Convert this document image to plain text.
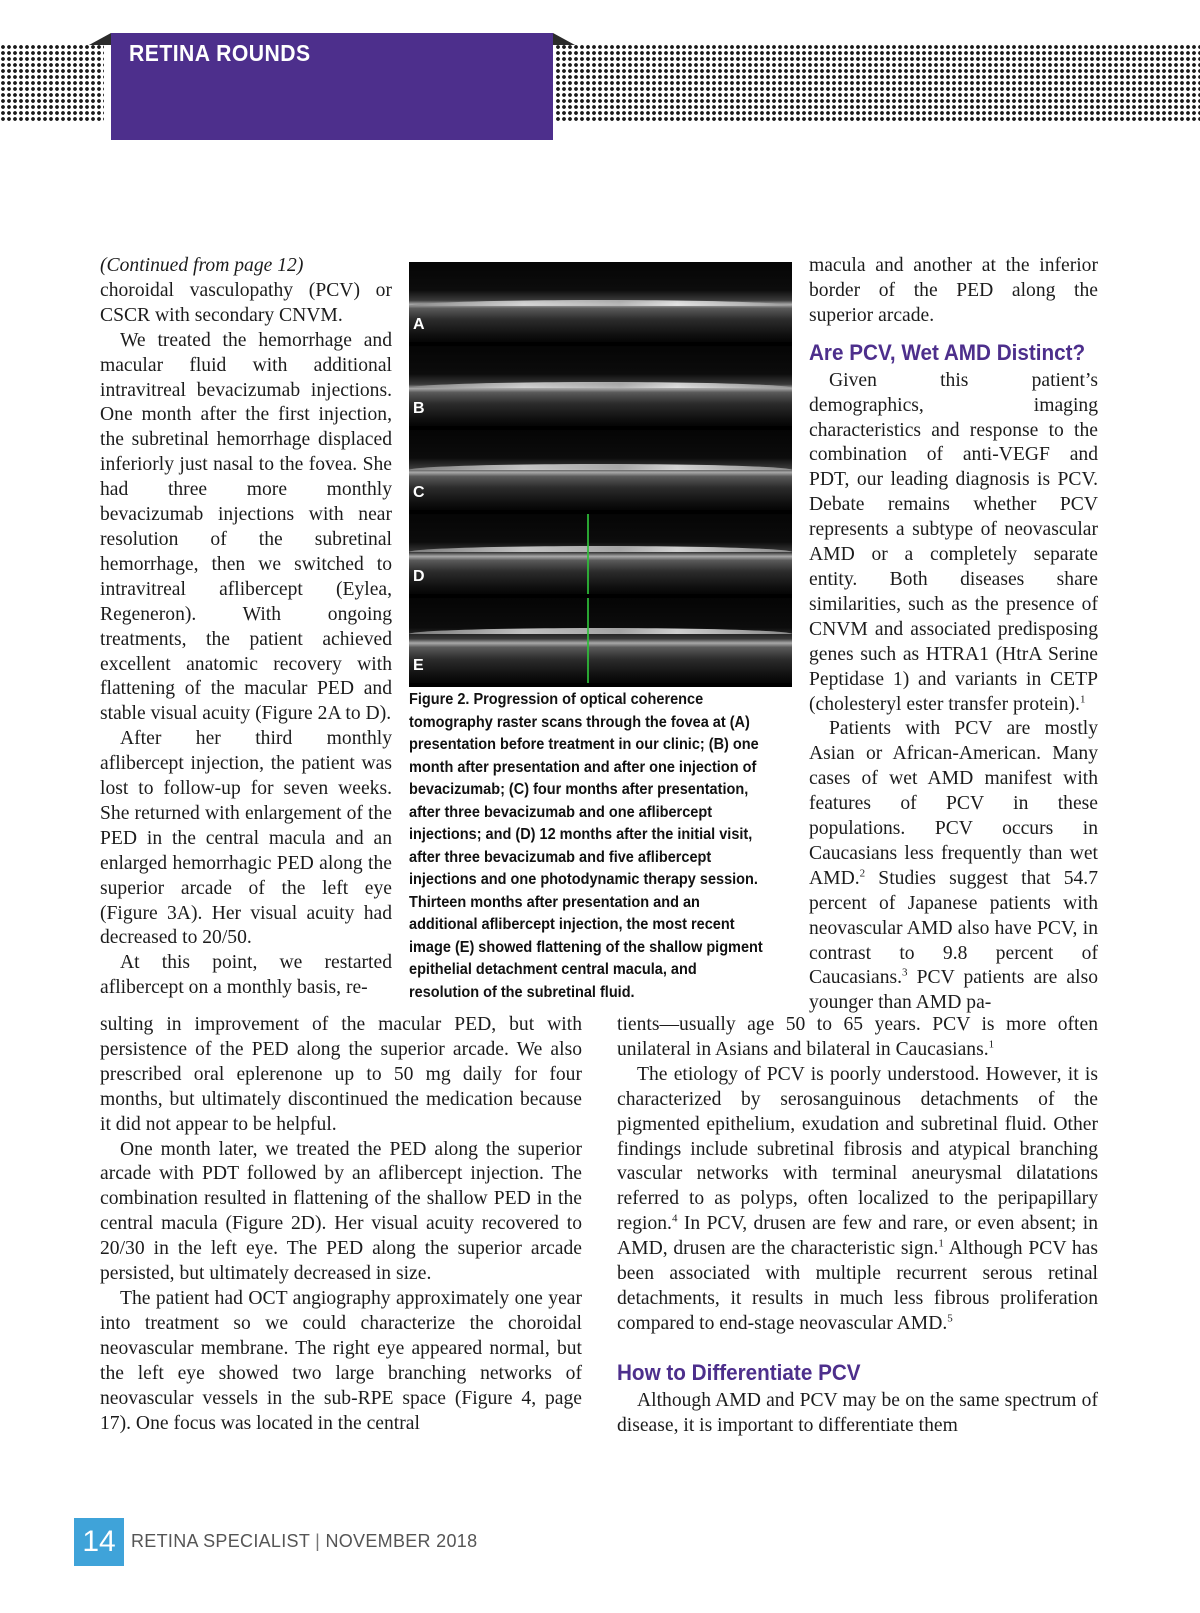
RETINA ROUNDS

(Continued from page 12)

choroidal vasculopathy (PCV) or CSCR with secondary CNVM.

We treated the hemorrhage and macular fluid with additional intravitreal bevacizumab injections. One month after the first injection, the subretinal hemorrhage displaced inferiorly just nasal to the fovea. She had three more monthly bevacizumab injections with near resolution of the subretinal hemorrhage, then we switched to intravitreal aflibercept (Eylea, Regeneron). With ongoing treatments, the patient achieved excellent anatomic recovery with flattening of the macular PED and stable visual acuity (Figure 2A to D).

After her third monthly aflibercept injection, the patient was lost to follow-up for seven weeks. She returned with enlargement of the PED in the central macula and an enlarged hemorrhagic PED along the superior arcade of the left eye (Figure 3A). Her visual acuity had decreased to 20/50.

At this point, we restarted aflibercept on a monthly basis, re-

A
B
C
D
E
Figure 2. Progression of optical coherence tomography raster scans through the fovea at (A) presentation before treatment in our clinic; (B) one month after presentation and after one injection of bevacizumab; (C) four months after presentation, after three bevacizumab and one aflibercept injections; and (D) 12 months after the initial visit, after three bevacizumab and five aflibercept injections and one photodynamic therapy session. Thirteen months after presentation and an additional aflibercept injection, the most recent image (E) showed flattening of the shallow pigment epithelial detachment central macula, and resolution of the subretinal fluid.

macula and another at the inferior border of the PED along the superior arcade.

Are PCV, Wet AMD Distinct?

Given this patient’s demographics, imaging characteristics and response to the combination of anti-VEGF and PDT, our leading diagnosis is PCV. Debate remains whether PCV represents a subtype of neovascular AMD or a completely separate entity. Both diseases share similarities, such as the presence of CNVM and associated predisposing genes such as HTRA1 (HtrA Serine Peptidase 1) and variants in CETP (cholesteryl ester transfer protein).$^1$

Patients with PCV are mostly Asian or African-American. Many cases of wet AMD manifest with features of PCV in these populations. PCV occurs in Caucasians less frequently than wet AMD.$^2$ Studies suggest that 54.7 percent of Japanese patients with neovascular AMD also have PCV, in contrast to 9.8 percent of Caucasians.$^3$ PCV patients are also younger than AMD pa-

sulting in improvement of the macular PED, but with persistence of the PED along the superior arcade. We also prescribed oral eplerenone up to 50 mg daily for four months, but ultimately discontinued the medication because it did not appear to be helpful.

One month later, we treated the PED along the superior arcade with PDT followed by an aflibercept injection. The combination resulted in flattening of the shallow PED in the central macula (Figure 2D). Her visual acuity recovered to 20/30 in the left eye. The PED along the superior arcade persisted, but ultimately decreased in size.

The patient had OCT angiography approximately one year into treatment so we could characterize the choroidal neovascular membrane. The right eye appeared normal, but the left eye showed two large branching networks of neovascular vessels in the sub-RPE space (Figure 4, page 17). One focus was located in the central

tients—usually age 50 to 65 years. PCV is more often unilateral in Asians and bilateral in Caucasians.$^1$

The etiology of PCV is poorly understood. However, it is characterized by serosanguinous detachments of the pigmented epithelium, exudation and subretinal fluid. Other findings include subretinal fibrosis and atypical branching vascular networks with terminal aneurysmal dilatations referred to as polyps, often localized to the peripapillary region.$^4$ In PCV, drusen are few and rare, or even absent; in AMD, drusen are the characteristic sign.$^1$ Although PCV has been associated with multiple recurrent serous retinal detachments, it results in much less fibrous proliferation compared to end-stage neovascular AMD.$^5$

How to Differentiate PCV

Although AMD and PCV may be on the same spectrum of disease, it is important to differentiate them

14 RETINA SPECIALIST | NOVEMBER 2018
